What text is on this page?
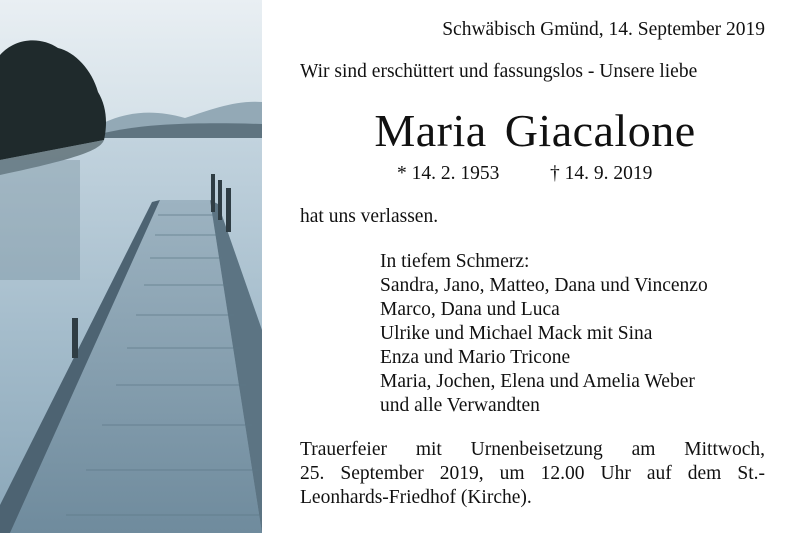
Schwäbisch Gmünd, 14. September 2019
Wir sind erschüttert und fassungslos - Unsere liebe
Maria Giacalone
* 14. 2. 1953	† 14. 9. 2019
hat uns verlassen.
In tiefem Schmerz:
Sandra, Jano, Matteo, Dana und Vincenzo
Marco, Dana und Luca
Ulrike und Michael Mack mit Sina
Enza und Mario Tricone
Maria, Jochen, Elena und Amelia Weber
und alle Verwandten
Trauerfeier mit Urnenbeisetzung am Mittwoch,
25. September 2019, um 12.00 Uhr auf dem St.-
Leonhards-Friedhof (Kirche).
